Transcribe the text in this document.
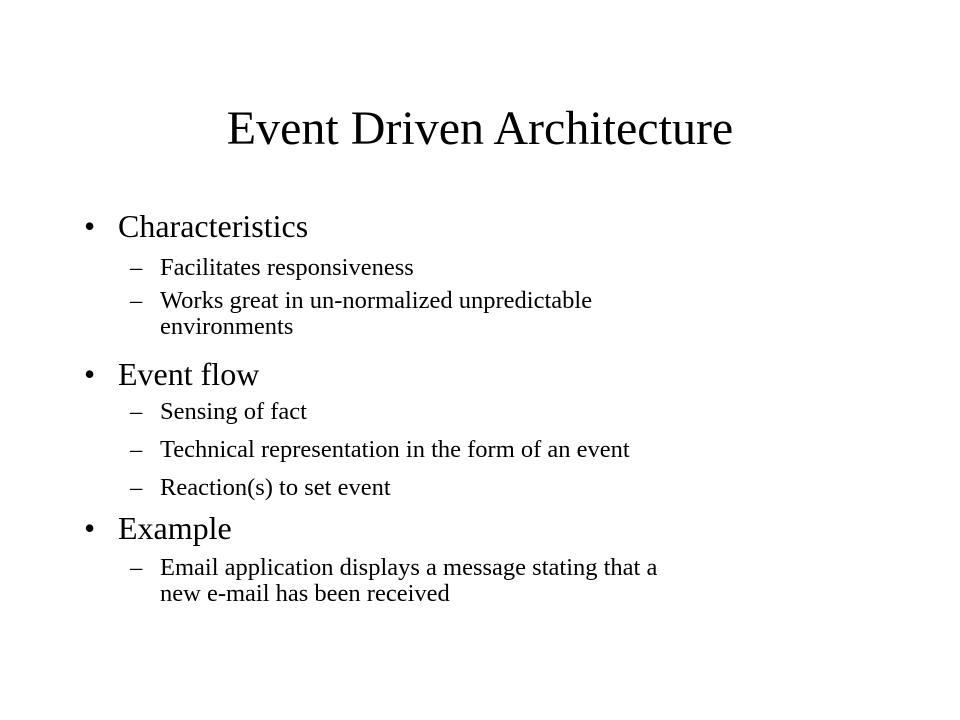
Event Driven Architecture
• Characteristics
– Facilitates responsiveness
– Works great in un-normalized unpredictable
environments
• Event flow
– Sensing of fact
– Technical representation in the form of an event
– Reaction(s) to set event
• Example
– Email application displays a message stating that a
new e-mail has been received
